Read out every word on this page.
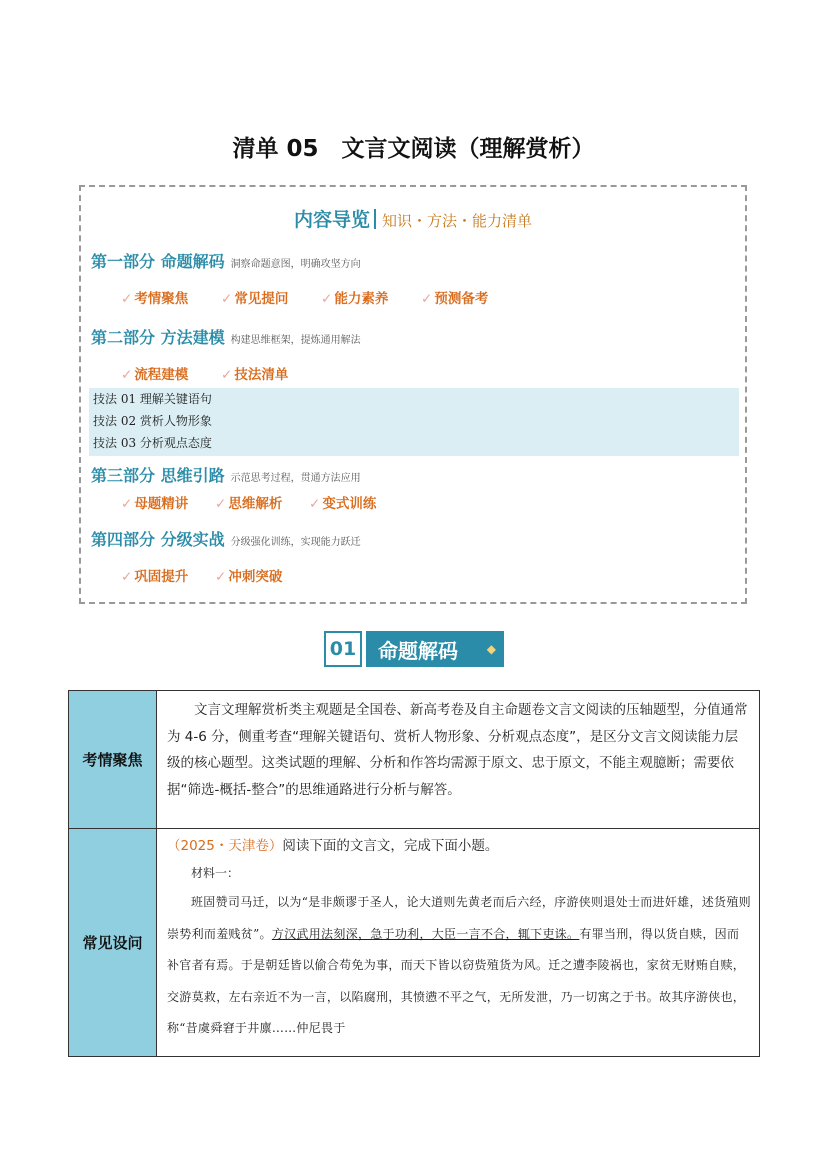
清单 05　文言文阅读（理解赏析）
内容导览 知识・方法・能力清单
第一部分 命题解码 洞察命题意图，明确攻坚方向
✓ 考情聚焦 ✓ 常见提问 ✓ 能力素养 ✓ 预测备考
第二部分 方法建模 构建思维框架，提炼通用解法
✓ 流程建模 ✓ 技法清单
技法 01 理解关键语句
技法 02 赏析人物形象
技法 03 分析观点态度
第三部分 思维引路 示范思考过程，贯通方法应用
✓ 母题精讲 ✓ 思维解析 ✓ 变式训练
第四部分 分级实战 分级强化训练，实现能力跃迁
✓ 巩固提升 ✓ 冲刺突破
01 命题解码 ◆
考情聚焦	文言文理解赏析类主观题是全国卷、新高考卷及自主命题卷文言文阅读的压轴题型，分值通常为 4-6 分，侧重考查“理解关键语句、赏析人物形象、分析观点态度”，是区分文言文阅读能力层级的核心题型。这类试题的理解、分析和作答均需源于原文、忠于原文，不能主观臆断；需要依据“筛选-概括-整合”的思维通路进行分析与解答。

常见设问	（2025・天津卷）阅读下面的文言文，完成下面小题。
材料一：
班固赞司马迁，以为“是非颇谬于圣人，论大道则先黄老而后六经，序游侠则退处士而进奸雄，述货殖则崇势利而羞贱贫”。方汉武用法刻深，急于功利，大臣一言不合，辄下吏诛。有罪当刑，得以货自赎，因而补官者有焉。于是朝廷皆以偷合苟免为事，而天下皆以窃赀殖货为风。迁之遭李陵祸也，家贫无财贿自赎，交游莫救，左右亲近不为一言，以陷腐刑，其愤懑不平之气，无所发泄，乃一切寓之于书。故其序游侠也，称“昔虞舜窘于井廪……仲尼畏于
